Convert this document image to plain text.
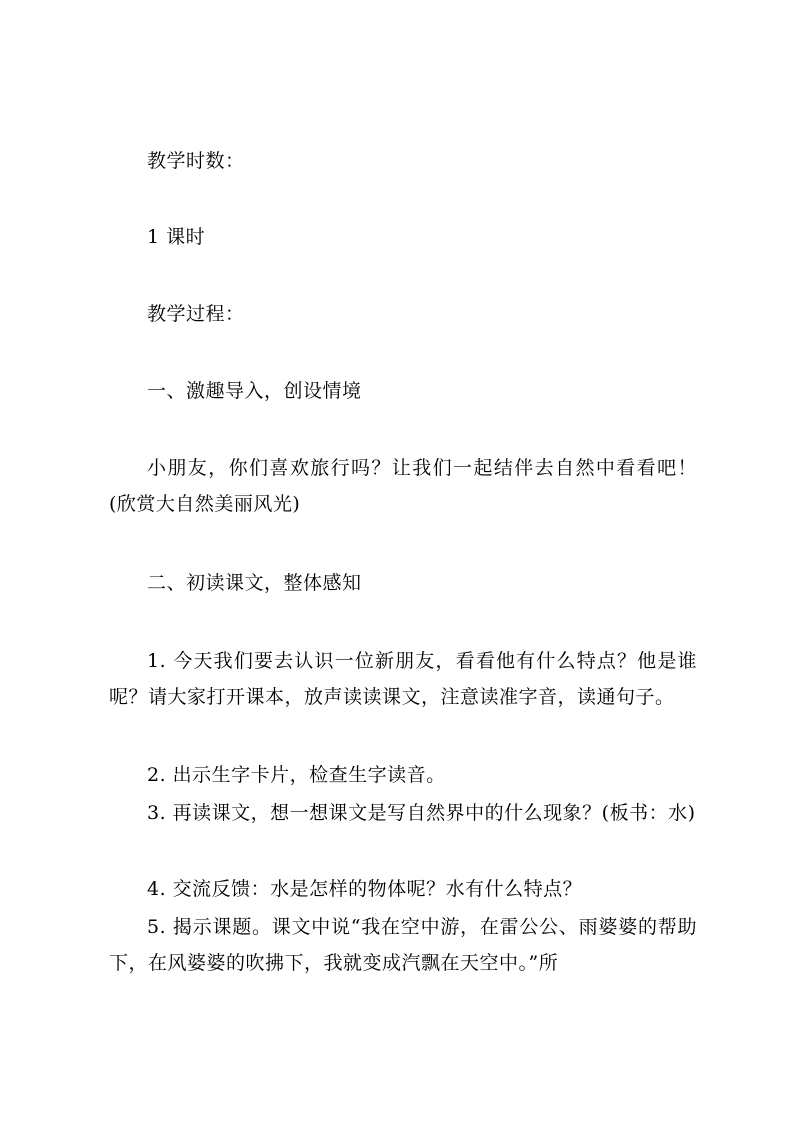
教学时数：
1 课时
教学过程：
一、激趣导入，创设情境
小朋友，你们喜欢旅行吗？让我们一起结伴去自然中看看吧！(欣赏大自然美丽风光)
二、初读课文，整体感知
1. 今天我们要去认识一位新朋友，看看他有什么特点？他是谁呢？请大家打开课本，放声读读课文，注意读准字音，读通句子。
2. 出示生字卡片，检查生字读音。
3. 再读课文，想一想课文是写自然界中的什么现象？(板书：水)
4. 交流反馈：水是怎样的物体呢？水有什么特点？
5. 揭示课题。课文中说“我在空中游，在雷公公、雨婆婆的帮助下，在风婆婆的吹拂下，我就变成汽飘在天空中。”所
